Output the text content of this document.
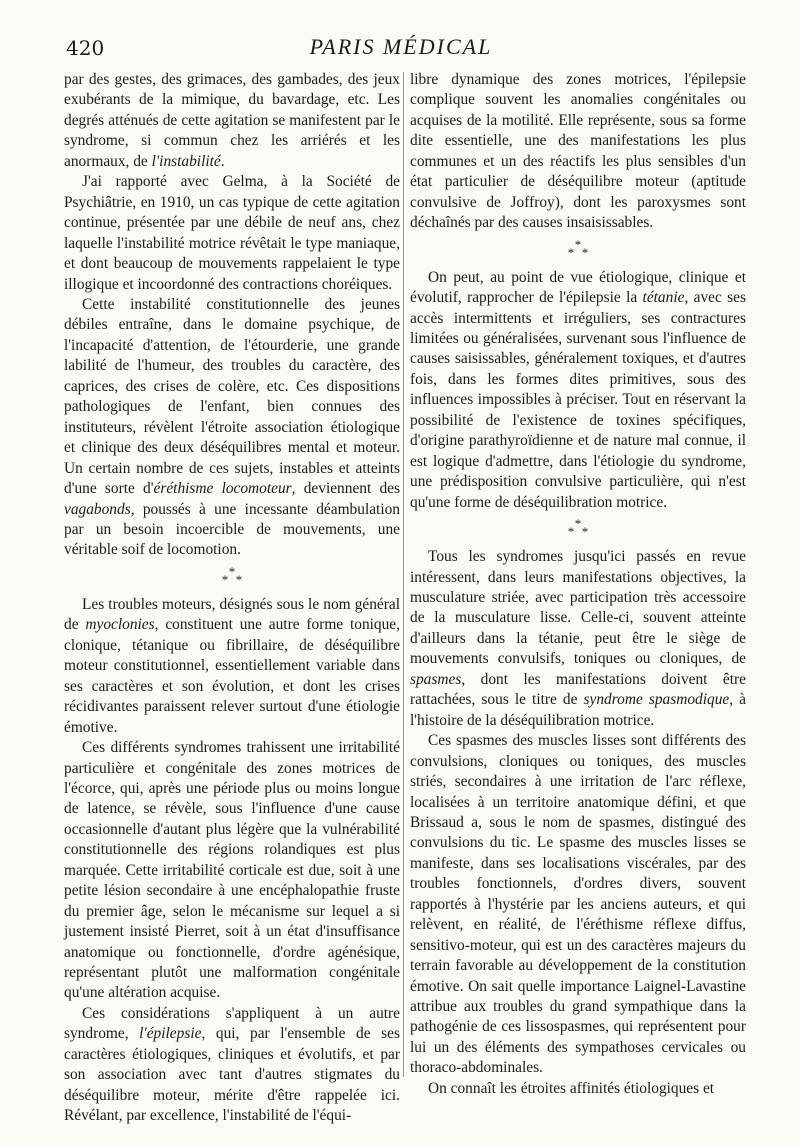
420	PARIS MÉDICAL

par des gestes, des grimaces, des gambades, des jeux exubérants de la mimique, du bavardage, etc. Les degrés atténués de cette agitation se manifestent par le syndrome, si commun chez les arriérés et les anormaux, de l'instabilité.

J'ai rapporté avec Gelma, à la Société de Psychiâtrie, en 1910, un cas typique de cette agitation continue, présentée par une débile de neuf ans, chez laquelle l'instabilité motrice révêtait le type maniaque, et dont beaucoup de mouvements rappelaient le type illogique et incoordonné des contractions choréiques.

Cette instabilité constitutionnelle des jeunes débiles entraîne, dans le domaine psychique, de l'incapacité d'attention, de l'étourderie, une grande labilité de l'humeur, des troubles du caractère, des caprices, des crises de colère, etc. Ces dispositions pathologiques de l'enfant, bien connues des instituteurs, révèlent l'étroite association étiologique et clinique des deux déséquilibres mental et moteur. Un certain nombre de ces sujets, instables et atteints d'une sorte d'éréthisme locomoteur, deviennent des vagabonds, poussés à une incessante déambulation par un besoin incoercible de mouvements, une véritable soif de locomotion.

*
* *

Les troubles moteurs, désignés sous le nom général de myoclonies, constituent une autre forme tonique, clonique, tétanique ou fibrillaire, de déséquilibre moteur constitutionnel, essentiellement variable dans ses caractères et son évolution, et dont les crises récidivantes paraissent relever surtout d'une étiologie émotive.

Ces différents syndromes trahissent une irritabilité particulière et congénitale des zones motrices de l'écorce, qui, après une période plus ou moins longue de latence, se révèle, sous l'influence d'une cause occasionnelle d'autant plus légère que la vulnérabilité constitutionnelle des régions rolandiques est plus marquée. Cette irritabilité corticale est due, soit à une petite lésion secondaire à une encéphalopathie fruste du premier âge, selon le mécanisme sur lequel a si justement insisté Pierret, soit à un état d'insuffisance anatomique ou fonctionnelle, d'ordre agénésique, représentant plutôt une malformation congénitale qu'une altération acquise.

Ces considérations s'appliquent à un autre syndrome, l'épilepsie, qui, par l'ensemble de ses caractères étiologiques, cliniques et évolutifs, et par son association avec tant d'autres stigmates du déséquilibre moteur, mérite d'être rappelée ici. Révélant, par excellence, l'instabilité de l'équi-

libre dynamique des zones motrices, l'épilepsie complique souvent les anomalies congénitales ou acquises de la motilité. Elle représente, sous sa forme dite essentielle, une des manifestations les plus communes et un des réactifs les plus sensibles d'un état particulier de déséquilibre moteur (aptitude convulsive de Joffroy), dont les paroxysmes sont déchaînés par des causes insaisissables.

*
* *

On peut, au point de vue étiologique, clinique et évolutif, rapprocher de l'épilepsie la tétanie, avec ses accès intermittents et irréguliers, ses contractures limitées ou généralisées, survenant sous l'influence de causes saisissables, généralement toxiques, et d'autres fois, dans les formes dites primitives, sous des influences impossibles à préciser. Tout en réservant la possibilité de l'existence de toxines spécifiques, d'origine parathyroïdienne et de nature mal connue, il est logique d'admettre, dans l'étiologie du syndrome, une prédisposition convulsive particulière, qui n'est qu'une forme de déséquilibration motrice.

*
* *

Tous les syndromes jusqu'ici passés en revue intéressent, dans leurs manifestations objectives, la musculature striée, avec participation très accessoire de la musculature lisse. Celle-ci, souvent atteinte d'ailleurs dans la tétanie, peut être le siège de mouvements convulsifs, toniques ou cloniques, de spasmes, dont les manifestations doivent être rattachées, sous le titre de syndrome spasmodique, à l'histoire de la déséquilibration motrice.

Ces spasmes des muscles lisses sont différents des convulsions, cloniques ou toniques, des muscles striés, secondaires à une irritation de l'arc réflexe, localisées à un territoire anatomique défini, et que Brissaud a, sous le nom de spasmes, distingué des convulsions du tic. Le spasme des muscles lisses se manifeste, dans ses localisations viscérales, par des troubles fonctionnels, d'ordres divers, souvent rapportés à l'hystérie par les anciens auteurs, et qui relèvent, en réalité, de l'éréthisme réflexe diffus, sensitivo-moteur, qui est un des caractères majeurs du terrain favorable au développement de la constitution émotive. On sait quelle importance Laignel-Lavastine attribue aux troubles du grand sympathique dans la pathogénie de ces lissospasmes, qui représentent pour lui un des éléments des sympathoses cervicales ou thoraco-abdominales.

On connaît les étroites affinités étiologiques et
